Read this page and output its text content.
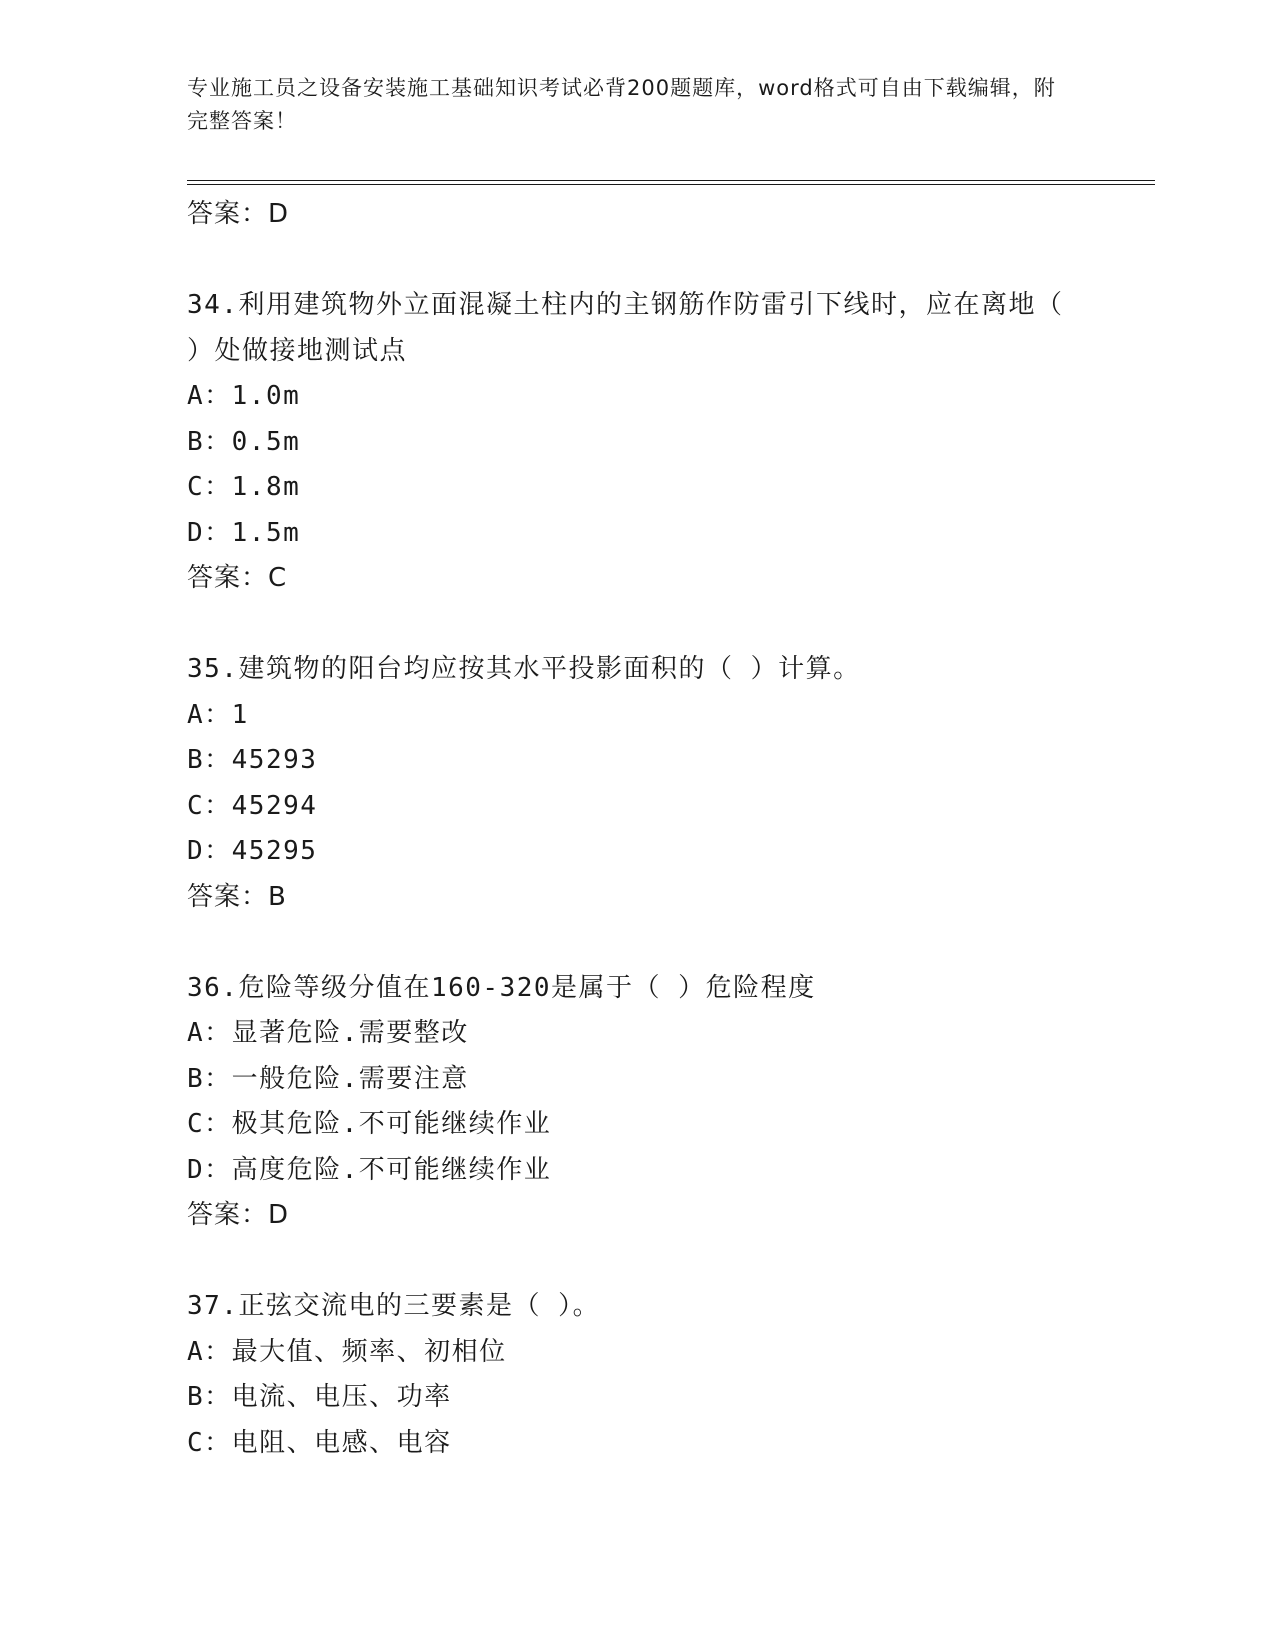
专业施工员之设备安装施工基础知识考试必背200题题库，word格式可自由下载编辑，附完整答案！
答案：D
34.利用建筑物外立面混凝土柱内的主钢筋作防雷引下线时，应在离地（ ）处做接地测试点
A：1.0m
B：0.5m
C：1.8m
D：1.5m
答案：C
35.建筑物的阳台均应按其水平投影面积的（ ）计算。
A：1
B：45293
C：45294
D：45295
答案：B
36.危险等级分值在160-320是属于（ ）危险程度
A：显著危险.需要整改
B：一般危险.需要注意
C：极其危险.不可能继续作业
D：高度危险.不可能继续作业
答案：D
37.正弦交流电的三要素是（ ）。
A：最大值、频率、初相位
B：电流、电压、功率
C：电阻、电感、电容
